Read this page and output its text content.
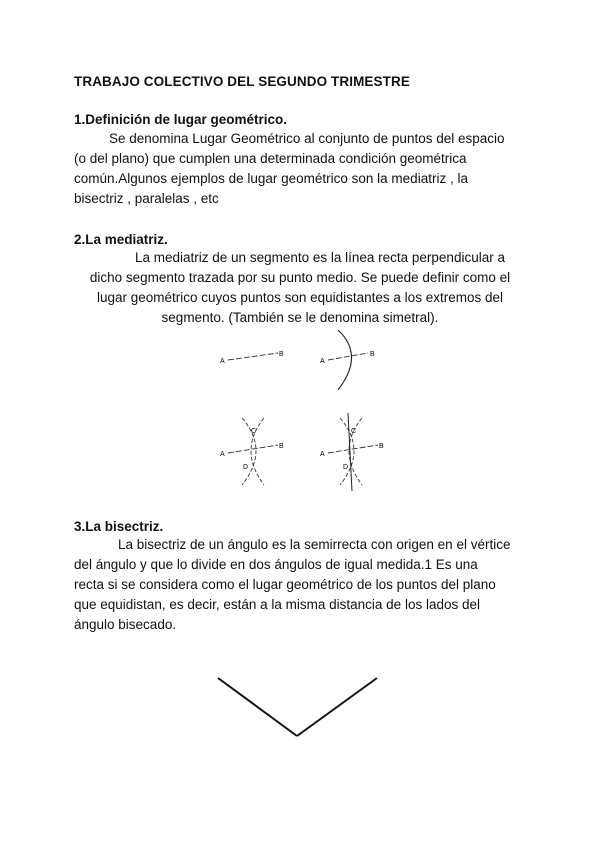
TRABAJO COLECTIVO DEL SEGUNDO TRIMESTRE
1.Definición de lugar geométrico.
Se denomina Lugar Geométrico al conjunto de puntos del espacio
(o del plano) que cumplen una determinada condición geométrica
común.Algunos ejemplos de lugar geométrico son la mediatriz , la
bisectriz , paralelas , etc
2.La mediatriz.
La mediatriz de un segmento es la línea recta perpendicular a
dicho segmento trazada por su punto medio. Se puede definir como el
lugar geométrico cuyos puntos son equidistantes a los extremos del
segmento. (También se le denomina simetral).
A
B
A
B
A
B
C
D
A
B
C
D
3.La bisectriz.
La bisectriz de un ángulo es la semirrecta con origen en el vértice
del ángulo y que lo divide en dos ángulos de igual medida.1 Es una
recta si se considera como el lugar geométrico de los puntos del plano
que equidistan, es decir, están a la misma distancia de los lados del
ángulo bisecado.
